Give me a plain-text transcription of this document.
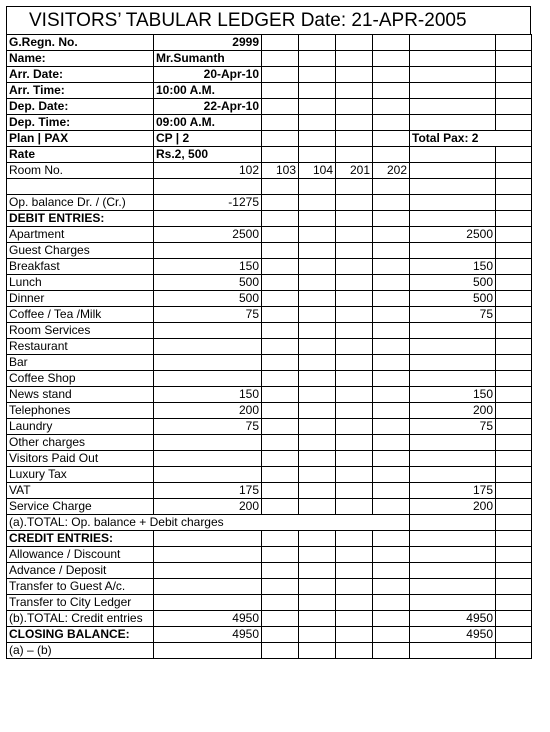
VISITORS’ TABULAR LEDGER Date: 21-APR-2005
G.Regn. No.	2999						
Name:	Mr.Sumanth						
Arr. Date:	20-Apr-10						
Arr. Time:	10:00 A.M.						
Dep. Date:	22-Apr-10						
Dep. Time:	09:00 A.M.						
Plan | PAX	CP | 2					Total Pax: 2	
Rate	Rs.2, 500						
Room No.	102	103	104	201	202		

Op. balance Dr. / (Cr.)	-1275						
DEBIT ENTRIES:							
Apartment	2500					2500	
Guest Charges							
Breakfast	150					150	
Lunch	500					500	
Dinner	500					500	
Coffee / Tea /Milk	75					75	
Room Services							
Restaurant							
Bar							
Coffee Shop							
News stand	150					150	
Telephones	200					200	
Laundry	75					75	
Other charges							
Visitors Paid Out							
Luxury Tax							
VAT	175					175	
Service Charge	200					200	
(a).TOTAL: Op. balance + Debit charges							
CREDIT ENTRIES:							
Allowance / Discount							
Advance / Deposit							
Transfer to Guest A/c.							
Transfer to City Ledger							
(b).TOTAL: Credit entries	4950					4950	
CLOSING BALANCE:	4950					4950	
(a) – (b)							
